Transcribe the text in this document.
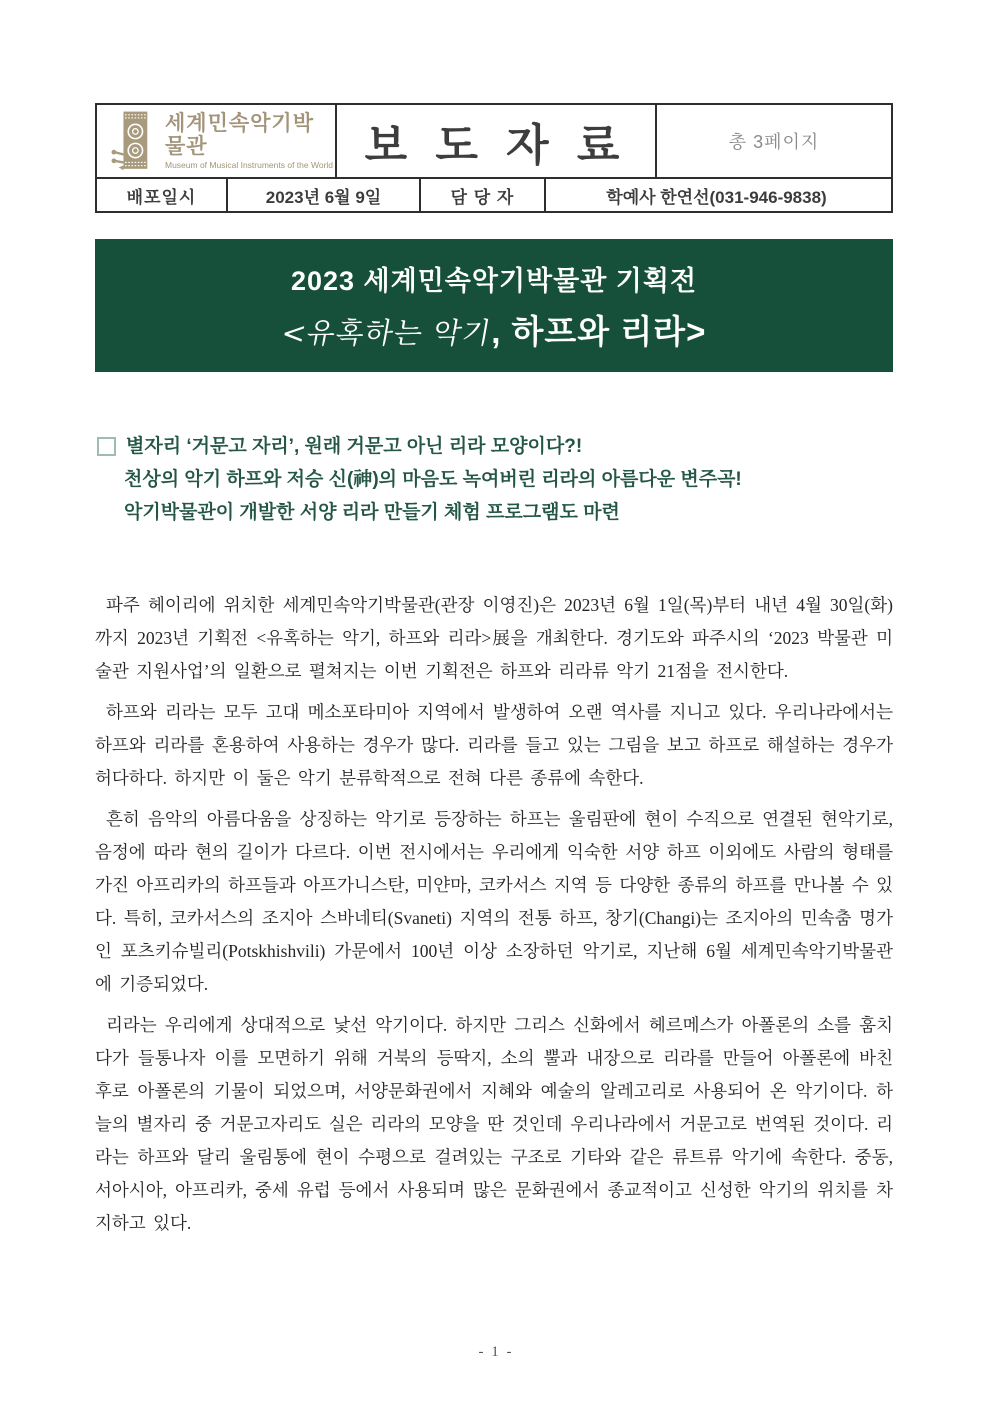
세계민속악기박물관
Museum of Musical Instruments of the World 보 도 자 료	총 3페이지
배포일시	2023년 6월 9일	담 당 자	학예사 한연선(031-946-9838)
2023 세계민속악기박물관 기획전
<유혹하는 악기, 하프와 리라>
별자리 ‘거문고 자리’, 원래 거문고 아닌 리라 모양이다?!
천상의 악기 하프와 저승 신(神)의 마음도 녹여버린 리라의 아름다운 변주곡!
악기박물관이 개발한 서양 리라 만들기 체험 프로그램도 마련

파주 헤이리에 위치한 세계민속악기박물관(관장 이영진)은 2023년 6월 1일(목)부터 내년 4월 30일(화)까지 2023년 기획전 <유혹하는 악기, 하프와 리라>展을 개최한다. 경기도와 파주시의 ‘2023 박물관 미술관 지원사업’의 일환으로 펼쳐지는 이번 기획전은 하프와 리라류 악기 21점을 전시한다.

하프와 리라는 모두 고대 메소포타미아 지역에서 발생하여 오랜 역사를 지니고 있다. 우리나라에서는 하프와 리라를 혼용하여 사용하는 경우가 많다. 리라를 들고 있는 그림을 보고 하프로 해설하는 경우가 허다하다. 하지만 이 둘은 악기 분류학적으로 전혀 다른 종류에 속한다.

흔히 음악의 아름다움을 상징하는 악기로 등장하는 하프는 울림판에 현이 수직으로 연결된 현악기로, 음정에 따라 현의 길이가 다르다. 이번 전시에서는 우리에게 익숙한 서양 하프 이외에도 사람의 형태를 가진 아프리카의 하프들과 아프가니스탄, 미얀마, 코카서스 지역 등 다양한 종류의 하프를 만나볼 수 있다. 특히, 코카서스의 조지아 스바네티(Svaneti) 지역의 전통 하프, 창기(Changi)는 조지아의 민속춤 명가인 포츠키슈빌리(Potskhishvili) 가문에서 100년 이상 소장하던 악기로, 지난해 6월 세계민속악기박물관에 기증되었다.

리라는 우리에게 상대적으로 낯선 악기이다. 하지만 그리스 신화에서 헤르메스가 아폴론의 소를 훔치다가 들통나자 이를 모면하기 위해 거북의 등딱지, 소의 뿔과 내장으로 리라를 만들어 아폴론에 바친 후로 아폴론의 기물이 되었으며, 서양문화권에서 지혜와 예술의 알레고리로 사용되어 온 악기이다. 하늘의 별자리 중 거문고자리도 실은 리라의 모양을 딴 것인데 우리나라에서 거문고로 번역된 것이다. 리라는 하프와 달리 울림통에 현이 수평으로 걸려있는 구조로 기타와 같은 류트류 악기에 속한다. 중동, 서아시아, 아프리카, 중세 유럽 등에서 사용되며 많은 문화권에서 종교적이고 신성한 악기의 위치를 차지하고 있다.

- 1 -
